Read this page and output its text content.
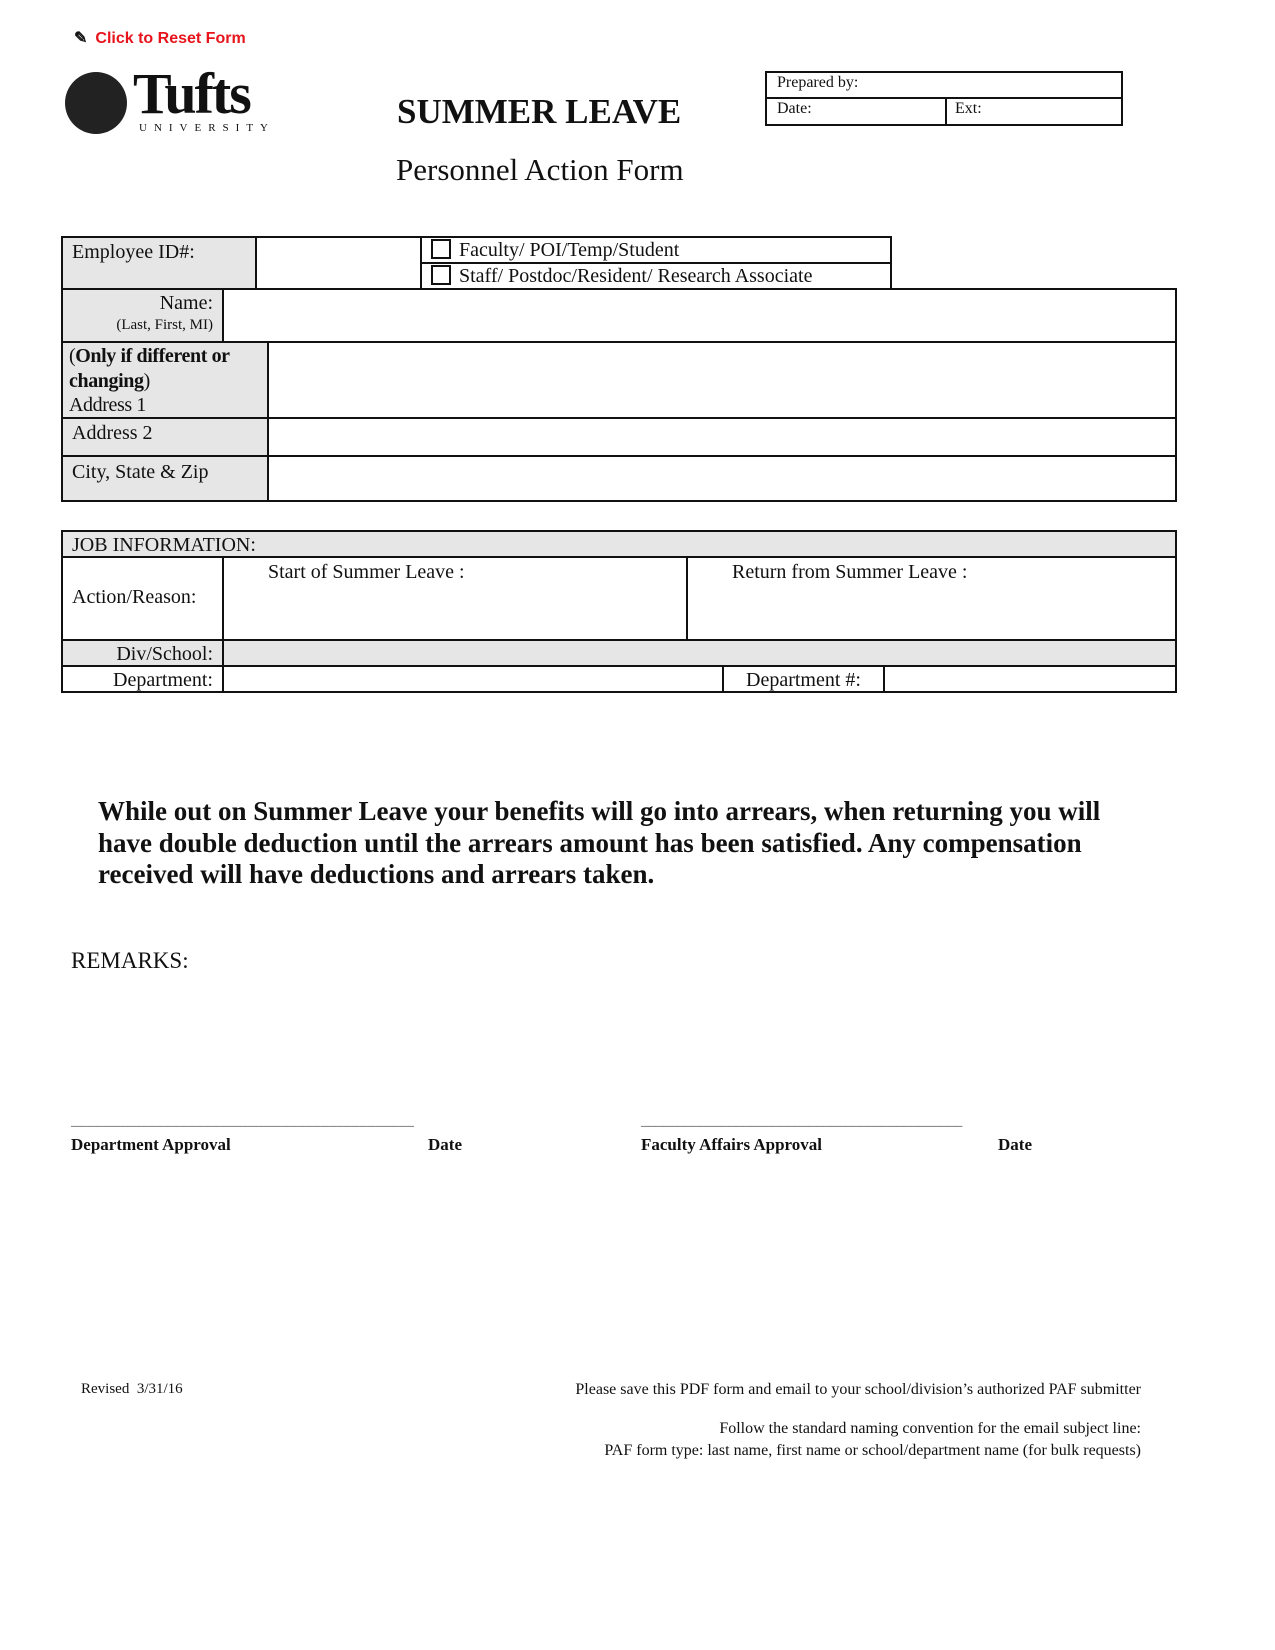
✎ Click to Reset Form
Tufts
UNIVERSITY	SUMMER LEAVE
Personnel Action Form
Prepared by:
Date:	Ext:
Employee ID#:	Faculty/ POI/Temp/Student
Staff/ Postdoc/Resident/ Research Associate
Name:
(Last, First, MI)
(Only if different or changing)
Address 1
Address 2
City, State & Zip
JOB INFORMATION:
Action/Reason:
Start of Summer Leave :	Return from Summer Leave :
Div/School:
Department:	Department #:
While out on Summer Leave your benefits will go into arrears, when returning you will have double deduction until the arrears amount has been satisfied. Any compensation received will have deductions and arrears taken.
REMARKS:
____________________________________________
Department Approval	Date
____________________________________________
Faculty Affairs Approval	Date
Revised  3/31/16	Please save this PDF form and email to your school/division’s authorized PAF submitter
Follow the standard naming convention for the email subject line:
PAF form type: last name, first name or school/department name (for bulk requests)
